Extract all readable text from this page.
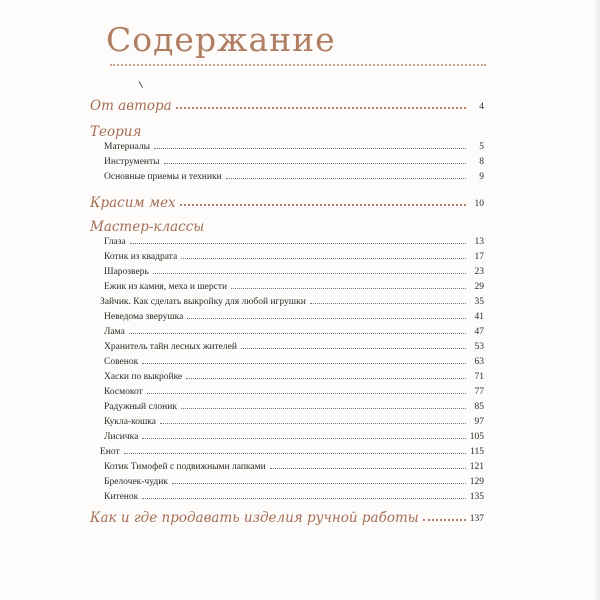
Содержание
От автора	4
Теория
Материалы	5
Инструменты	8
Основные приемы и техники	9
Красим мех	10
Мастер-классы
Глаза	13
Котик из квадрата	17
Шарозверь	23
Ежик из камня, меха и шерсти	29
Зайчик. Как сделать выкройку для любой игрушки	35
Неведома зверушка	41
Лама	47
Хранитель тайн лесных жителей	53
Совенок	63
Хаски по выкройке	71
Космокот	77
Радужный слоник	85
Кукла-кошка	97
Лисичка	105
Енот	115
Котик Тимофей с подвижными лапками	121
Брелочек-чудик	129
Китенок	135
Как и где продавать изделия ручной работы	137
